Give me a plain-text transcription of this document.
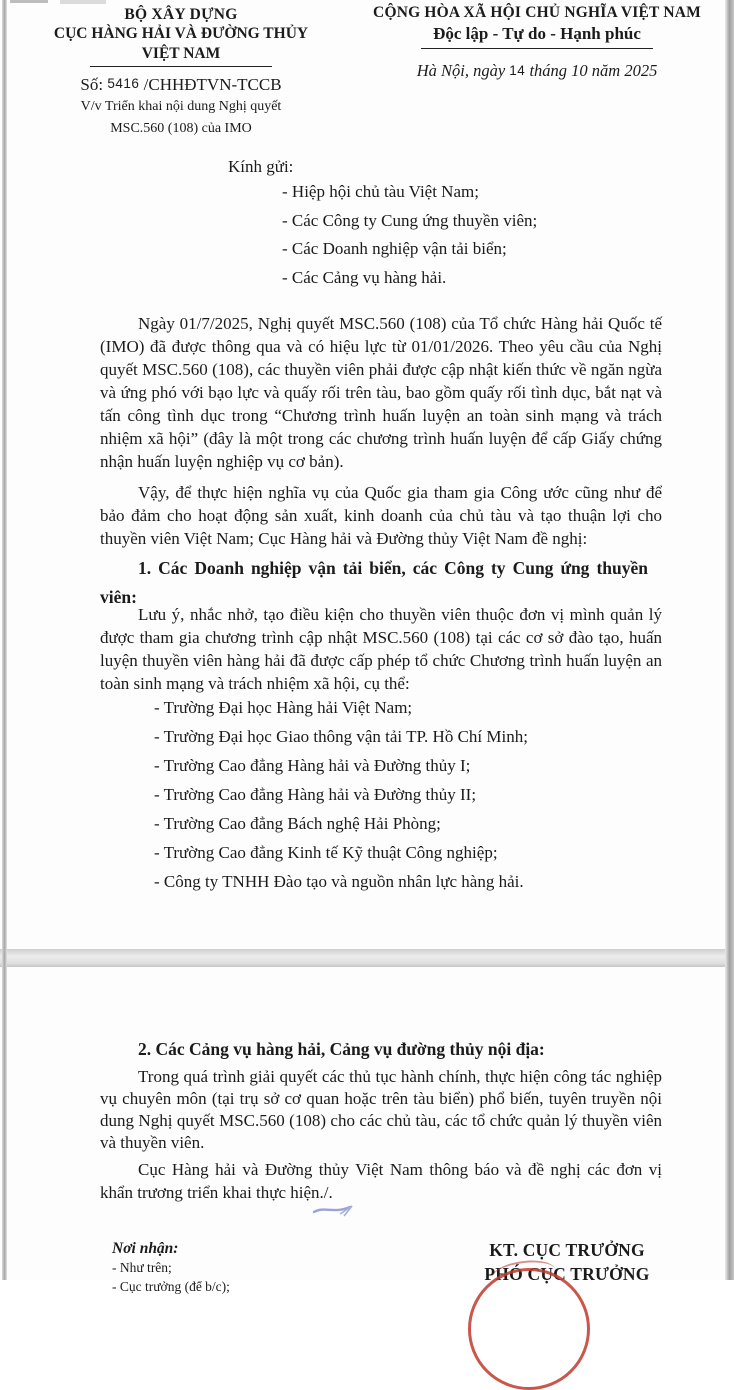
BỘ XÂY DỰNG
CỤC HÀNG HẢI VÀ ĐƯỜNG THỦY
VIỆT NAM
Số: 5416 /CHHĐTVN-TCCB
V/v Triển khai nội dung Nghị quyết
MSC.560 (108) của IMO
CỘNG HÒA XÃ HỘI CHỦ NGHĨA VIỆT NAM
Độc lập - Tự do - Hạnh phúc
Hà Nội, ngày 14 tháng 10 năm 2025
Kính gửi:
- Hiệp hội chủ tàu Việt Nam;
- Các Công ty Cung ứng thuyền viên;
- Các Doanh nghiệp vận tải biển;
- Các Cảng vụ hàng hải.
Ngày 01/7/2025, Nghị quyết MSC.560 (108) của Tổ chức Hàng hải Quốc tế (IMO) đã được thông qua và có hiệu lực từ 01/01/2026. Theo yêu cầu của Nghị quyết MSC.560 (108), các thuyền viên phải được cập nhật kiến thức về ngăn ngừa và ứng phó với bạo lực và quấy rối trên tàu, bao gồm quấy rối tình dục, bắt nạt và tấn công tình dục trong “Chương trình huấn luyện an toàn sinh mạng và trách nhiệm xã hội” (đây là một trong các chương trình huấn luyện để cấp Giấy chứng nhận huấn luyện nghiệp vụ cơ bản).
Vậy, để thực hiện nghĩa vụ của Quốc gia tham gia Công ước cũng như để bảo đảm cho hoạt động sản xuất, kinh doanh của chủ tàu và tạo thuận lợi cho thuyền viên Việt Nam; Cục Hàng hải và Đường thủy Việt Nam đề nghị:
1. Các Doanh nghiệp vận tải biển, các Công ty Cung ứng thuyền viên:
Lưu ý, nhắc nhở, tạo điều kiện cho thuyền viên thuộc đơn vị mình quản lý được tham gia chương trình cập nhật MSC.560 (108) tại các cơ sở đào tạo, huấn luyện thuyền viên hàng hải đã được cấp phép tổ chức Chương trình huấn luyện an toàn sinh mạng và trách nhiệm xã hội, cụ thể:
- Trường Đại học Hàng hải Việt Nam;
- Trường Đại học Giao thông vận tải TP. Hồ Chí Minh;
- Trường Cao đẳng Hàng hải và Đường thủy I;
- Trường Cao đẳng Hàng hải và Đường thủy II;
- Trường Cao đẳng Bách nghệ Hải Phòng;
- Trường Cao đẳng Kinh tế Kỹ thuật Công nghiệp;
- Công ty TNHH Đào tạo và nguồn nhân lực hàng hải.
2. Các Cảng vụ hàng hải, Cảng vụ đường thủy nội địa:
Trong quá trình giải quyết các thủ tục hành chính, thực hiện công tác nghiệp vụ chuyên môn (tại trụ sở cơ quan hoặc trên tàu biển) phổ biến, tuyên truyền nội dung Nghị quyết MSC.560 (108) cho các chủ tàu, các tổ chức quản lý thuyền viên và thuyền viên.
Cục Hàng hải và Đường thủy Việt Nam thông báo và đề nghị các đơn vị khẩn trương triển khai thực hiện./.
Nơi nhận:
- Như trên;
- Cục trưởng (để b/c);
KT. CỤC TRƯỞNG
PHÓ CỤC TRƯỞNG
